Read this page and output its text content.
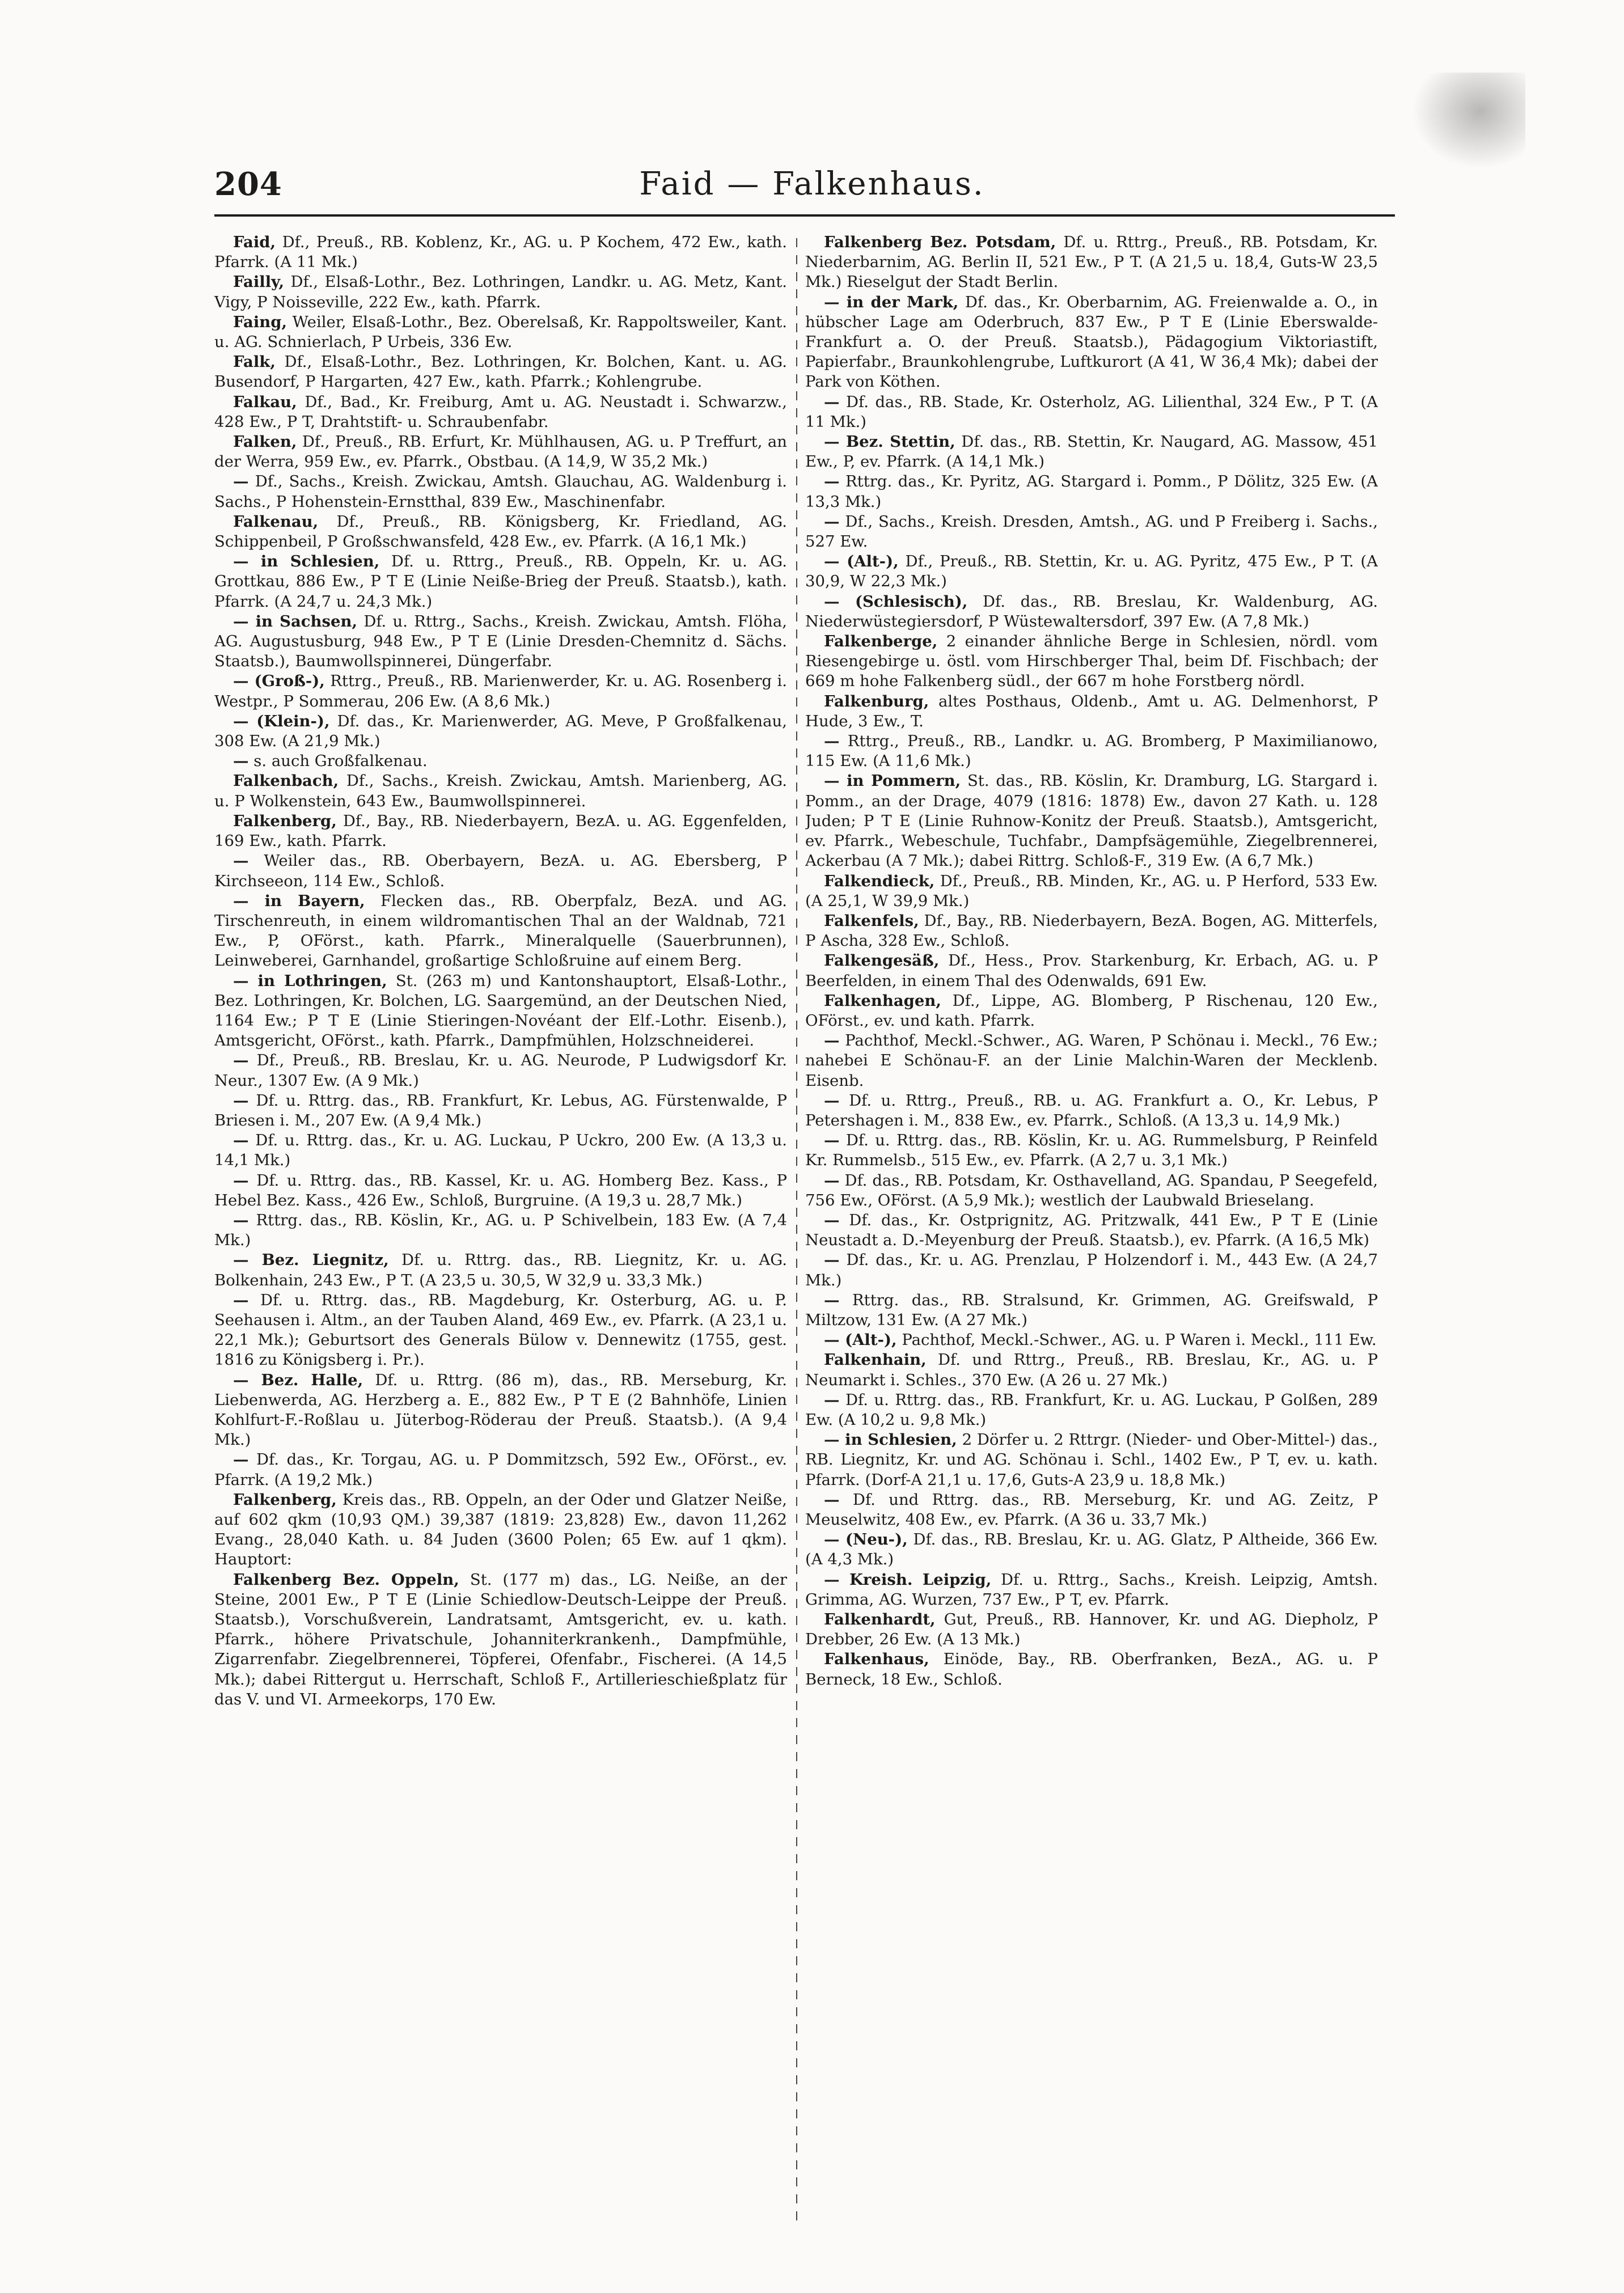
204	Faid — Falkenhaus.

Faid, Df., Preuß., RB. Koblenz, Kr., AG. u. P Kochem, 472 Ew., kath. Pfarrk. (A 11 Mk.)

Failly, Df., Elsaß-Lothr., Bez. Lothringen, Landkr. u. AG. Metz, Kant. Vigy, P Noisseville, 222 Ew., kath. Pfarrk.

Faing, Weiler, Elsaß-Lothr., Bez. Oberelsaß, Kr. Rappoltsweiler, Kant. u. AG. Schnierlach, P Urbeis, 336 Ew.

Falk, Df., Elsaß-Lothr., Bez. Lothringen, Kr. Bolchen, Kant. u. AG. Busendorf, P Hargarten, 427 Ew., kath. Pfarrk.; Kohlengrube.

Falkau, Df., Bad., Kr. Freiburg, Amt u. AG. Neustadt i. Schwarzw., 428 Ew., P T, Drahtstift- u. Schraubenfabr.

Falken, Df., Preuß., RB. Erfurt, Kr. Mühlhausen, AG. u. P Treffurt, an der Werra, 959 Ew., ev. Pfarrk., Obstbau. (A 14,9, W 35,2 Mk.)

— Df., Sachs., Kreish. Zwickau, Amtsh. Glauchau, AG. Waldenburg i. Sachs., P Hohenstein-Ernstthal, 839 Ew., Maschinenfabr.

Falkenau, Df., Preuß., RB. Königsberg, Kr. Friedland, AG. Schippenbeil, P Großschwansfeld, 428 Ew., ev. Pfarrk. (A 16,1 Mk.)

— in Schlesien, Df. u. Rttrg., Preuß., RB. Oppeln, Kr. u. AG. Grottkau, 886 Ew., P T E (Linie Neiße-Brieg der Preuß. Staatsb.), kath. Pfarrk. (A 24,7 u. 24,3 Mk.)

— in Sachsen, Df. u. Rttrg., Sachs., Kreish. Zwickau, Amtsh. Flöha, AG. Augustusburg, 948 Ew., P T E (Linie Dresden-Chemnitz d. Sächs. Staatsb.), Baumwollspinnerei, Düngerfabr.

— (Groß-), Rttrg., Preuß., RB. Marienwerder, Kr. u. AG. Rosenberg i. Westpr., P Sommerau, 206 Ew. (A 8,6 Mk.)

— (Klein-), Df. das., Kr. Marienwerder, AG. Meve, P Großfalkenau, 308 Ew. (A 21,9 Mk.)

— s. auch Großfalkenau.

Falkenbach, Df., Sachs., Kreish. Zwickau, Amtsh. Marienberg, AG. u. P Wolkenstein, 643 Ew., Baumwollspinnerei.

Falkenberg, Df., Bay., RB. Niederbayern, BezA. u. AG. Eggenfelden, 169 Ew., kath. Pfarrk.

— Weiler das., RB. Oberbayern, BezA. u. AG. Ebersberg, P Kirchseeon, 114 Ew., Schloß.

— in Bayern, Flecken das., RB. Oberpfalz, BezA. und AG. Tirschenreuth, in einem wildromantischen Thal an der Waldnab, 721 Ew., P, OFörst., kath. Pfarrk., Mineralquelle (Sauerbrunnen), Leinweberei, Garnhandel, großartige Schloßruine auf einem Berg.

— in Lothringen, St. (263 m) und Kantonshauptort, Elsaß-Lothr., Bez. Lothringen, Kr. Bolchen, LG. Saargemünd, an der Deutschen Nied, 1164 Ew.; P T E (Linie Stieringen-Novéant der Elf.-Lothr. Eisenb.), Amtsgericht, OFörst., kath. Pfarrk., Dampfmühlen, Holzschneiderei.

— Df., Preuß., RB. Breslau, Kr. u. AG. Neurode, P Ludwigsdorf Kr. Neur., 1307 Ew. (A 9 Mk.)

— Df. u. Rttrg. das., RB. Frankfurt, Kr. Lebus, AG. Fürstenwalde, P Briesen i. M., 207 Ew. (A 9,4 Mk.)

— Df. u. Rttrg. das., Kr. u. AG. Luckau, P Uckro, 200 Ew. (A 13,3 u. 14,1 Mk.)

— Df. u. Rttrg. das., RB. Kassel, Kr. u. AG. Homberg Bez. Kass., P Hebel Bez. Kass., 426 Ew., Schloß, Burgruine. (A 19,3 u. 28,7 Mk.)

— Rttrg. das., RB. Köslin, Kr., AG. u. P Schivelbein, 183 Ew. (A 7,4 Mk.)

— Bez. Liegnitz, Df. u. Rttrg. das., RB. Liegnitz, Kr. u. AG. Bolkenhain, 243 Ew., P T. (A 23,5 u. 30,5, W 32,9 u. 33,3 Mk.)

— Df. u. Rttrg. das., RB. Magdeburg, Kr. Osterburg, AG. u. P. Seehausen i. Altm., an der Tauben Aland, 469 Ew., ev. Pfarrk. (A 23,1 u. 22,1 Mk.); Geburtsort des Generals Bülow v. Dennewitz (1755, gest. 1816 zu Königsberg i. Pr.).

— Bez. Halle, Df. u. Rttrg. (86 m), das., RB. Merseburg, Kr. Liebenwerda, AG. Herzberg a. E., 882 Ew., P T E (2 Bahnhöfe, Linien Kohlfurt-F.-Roßlau u. Jüterbog-Röderau der Preuß. Staatsb.). (A 9,4 Mk.)

— Df. das., Kr. Torgau, AG. u. P Dommitzsch, 592 Ew., OFörst., ev. Pfarrk. (A 19,2 Mk.)

Falkenberg, Kreis das., RB. Oppeln, an der Oder und Glatzer Neiße, auf 602 qkm (10,93 QM.) 39,387 (1819: 23,828) Ew., davon 11,262 Evang., 28,040 Kath. u. 84 Juden (3600 Polen; 65 Ew. auf 1 qkm). Hauptort:

Falkenberg Bez. Oppeln, St. (177 m) das., LG. Neiße, an der Steine, 2001 Ew., P T E (Linie Schiedlow-Deutsch-Leippe der Preuß. Staatsb.), Vorschußverein, Landratsamt, Amtsgericht, ev. u. kath. Pfarrk., höhere Privatschule, Johanniterkrankenh., Dampfmühle, Zigarrenfabr. Ziegelbrennerei, Töpferei, Ofenfabr., Fischerei. (A 14,5 Mk.); dabei Rittergut u. Herrschaft, Schloß F., Artillerieschießplatz für das V. und VI. Armeekorps, 170 Ew.

Falkenberg Bez. Potsdam, Df. u. Rttrg., Preuß., RB. Potsdam, Kr. Niederbarnim, AG. Berlin II, 521 Ew., P T. (A 21,5 u. 18,4, Guts-W 23,5 Mk.) Rieselgut der Stadt Berlin.

— in der Mark, Df. das., Kr. Oberbarnim, AG. Freienwalde a. O., in hübscher Lage am Oderbruch, 837 Ew., P T E (Linie Eberswalde-Frankfurt a. O. der Preuß. Staatsb.), Pädagogium Viktoriastift, Papierfabr., Braunkohlengrube, Luftkurort (A 41, W 36,4 Mk); dabei der Park von Köthen.

— Df. das., RB. Stade, Kr. Osterholz, AG. Lilienthal, 324 Ew., P T. (A 11 Mk.)

— Bez. Stettin, Df. das., RB. Stettin, Kr. Naugard, AG. Massow, 451 Ew., P, ev. Pfarrk. (A 14,1 Mk.)

— Rttrg. das., Kr. Pyritz, AG. Stargard i. Pomm., P Dölitz, 325 Ew. (A 13,3 Mk.)

— Df., Sachs., Kreish. Dresden, Amtsh., AG. und P Freiberg i. Sachs., 527 Ew.

— (Alt-), Df., Preuß., RB. Stettin, Kr. u. AG. Pyritz, 475 Ew., P T. (A 30,9, W 22,3 Mk.)

— (Schlesisch), Df. das., RB. Breslau, Kr. Waldenburg, AG. Niederwüstegiersdorf, P Wüstewaltersdorf, 397 Ew. (A 7,8 Mk.)

Falkenberge, 2 einander ähnliche Berge in Schlesien, nördl. vom Riesengebirge u. östl. vom Hirschberger Thal, beim Df. Fischbach; der 669 m hohe Falkenberg südl., der 667 m hohe Forstberg nördl.

Falkenburg, altes Posthaus, Oldenb., Amt u. AG. Delmenhorst, P Hude, 3 Ew., T.

— Rttrg., Preuß., RB., Landkr. u. AG. Bromberg, P Maximilianowo, 115 Ew. (A 11,6 Mk.)

— in Pommern, St. das., RB. Köslin, Kr. Dramburg, LG. Stargard i. Pomm., an der Drage, 4079 (1816: 1878) Ew., davon 27 Kath. u. 128 Juden; P T E (Linie Ruhnow-Konitz der Preuß. Staatsb.), Amtsgericht, ev. Pfarrk., Webeschule, Tuchfabr., Dampfsägemühle, Ziegelbrennerei, Ackerbau (A 7 Mk.); dabei Rittrg. Schloß-F., 319 Ew. (A 6,7 Mk.)

Falkendieck, Df., Preuß., RB. Minden, Kr., AG. u. P Herford, 533 Ew. (A 25,1, W 39,9 Mk.)

Falkenfels, Df., Bay., RB. Niederbayern, BezA. Bogen, AG. Mitterfels, P Ascha, 328 Ew., Schloß.

Falkengesäß, Df., Hess., Prov. Starkenburg, Kr. Erbach, AG. u. P Beerfelden, in einem Thal des Odenwalds, 691 Ew.

Falkenhagen, Df., Lippe, AG. Blomberg, P Rischenau, 120 Ew., OFörst., ev. und kath. Pfarrk.

— Pachthof, Meckl.-Schwer., AG. Waren, P Schönau i. Meckl., 76 Ew.; nahebei E Schönau-F. an der Linie Malchin-Waren der Mecklenb. Eisenb.

— Df. u. Rttrg., Preuß., RB. u. AG. Frankfurt a. O., Kr. Lebus, P Petershagen i. M., 838 Ew., ev. Pfarrk., Schloß. (A 13,3 u. 14,9 Mk.)

— Df. u. Rttrg. das., RB. Köslin, Kr. u. AG. Rummelsburg, P Reinfeld Kr. Rummelsb., 515 Ew., ev. Pfarrk. (A 2,7 u. 3,1 Mk.)

— Df. das., RB. Potsdam, Kr. Osthavelland, AG. Spandau, P Seegefeld, 756 Ew., OFörst. (A 5,9 Mk.); westlich der Laubwald Brieselang.

— Df. das., Kr. Ostprignitz, AG. Pritzwalk, 441 Ew., P T E (Linie Neustadt a. D.-Meyenburg der Preuß. Staatsb.), ev. Pfarrk. (A 16,5 Mk)

— Df. das., Kr. u. AG. Prenzlau, P Holzendorf i. M., 443 Ew. (A 24,7 Mk.)

— Rttrg. das., RB. Stralsund, Kr. Grimmen, AG. Greifswald, P Miltzow, 131 Ew. (A 27 Mk.)

— (Alt-), Pachthof, Meckl.-Schwer., AG. u. P Waren i. Meckl., 111 Ew.

Falkenhain, Df. und Rttrg., Preuß., RB. Breslau, Kr., AG. u. P Neumarkt i. Schles., 370 Ew. (A 26 u. 27 Mk.)

— Df. u. Rttrg. das., RB. Frankfurt, Kr. u. AG. Luckau, P Golßen, 289 Ew. (A 10,2 u. 9,8 Mk.)

— in Schlesien, 2 Dörfer u. 2 Rttrgr. (Nieder- und Ober-Mittel-) das., RB. Liegnitz, Kr. und AG. Schönau i. Schl., 1402 Ew., P T, ev. u. kath. Pfarrk. (Dorf-A 21,1 u. 17,6, Guts-A 23,9 u. 18,8 Mk.)

— Df. und Rttrg. das., RB. Merseburg, Kr. und AG. Zeitz, P Meuselwitz, 408 Ew., ev. Pfarrk. (A 36 u. 33,7 Mk.)

— (Neu-), Df. das., RB. Breslau, Kr. u. AG. Glatz, P Altheide, 366 Ew. (A 4,3 Mk.)

— Kreish. Leipzig, Df. u. Rttrg., Sachs., Kreish. Leipzig, Amtsh. Grimma, AG. Wurzen, 737 Ew., P T, ev. Pfarrk.

Falkenhardt, Gut, Preuß., RB. Hannover, Kr. und AG. Diepholz, P Drebber, 26 Ew. (A 13 Mk.)

Falkenhaus, Einöde, Bay., RB. Oberfranken, BezA., AG. u. P Berneck, 18 Ew., Schloß.
